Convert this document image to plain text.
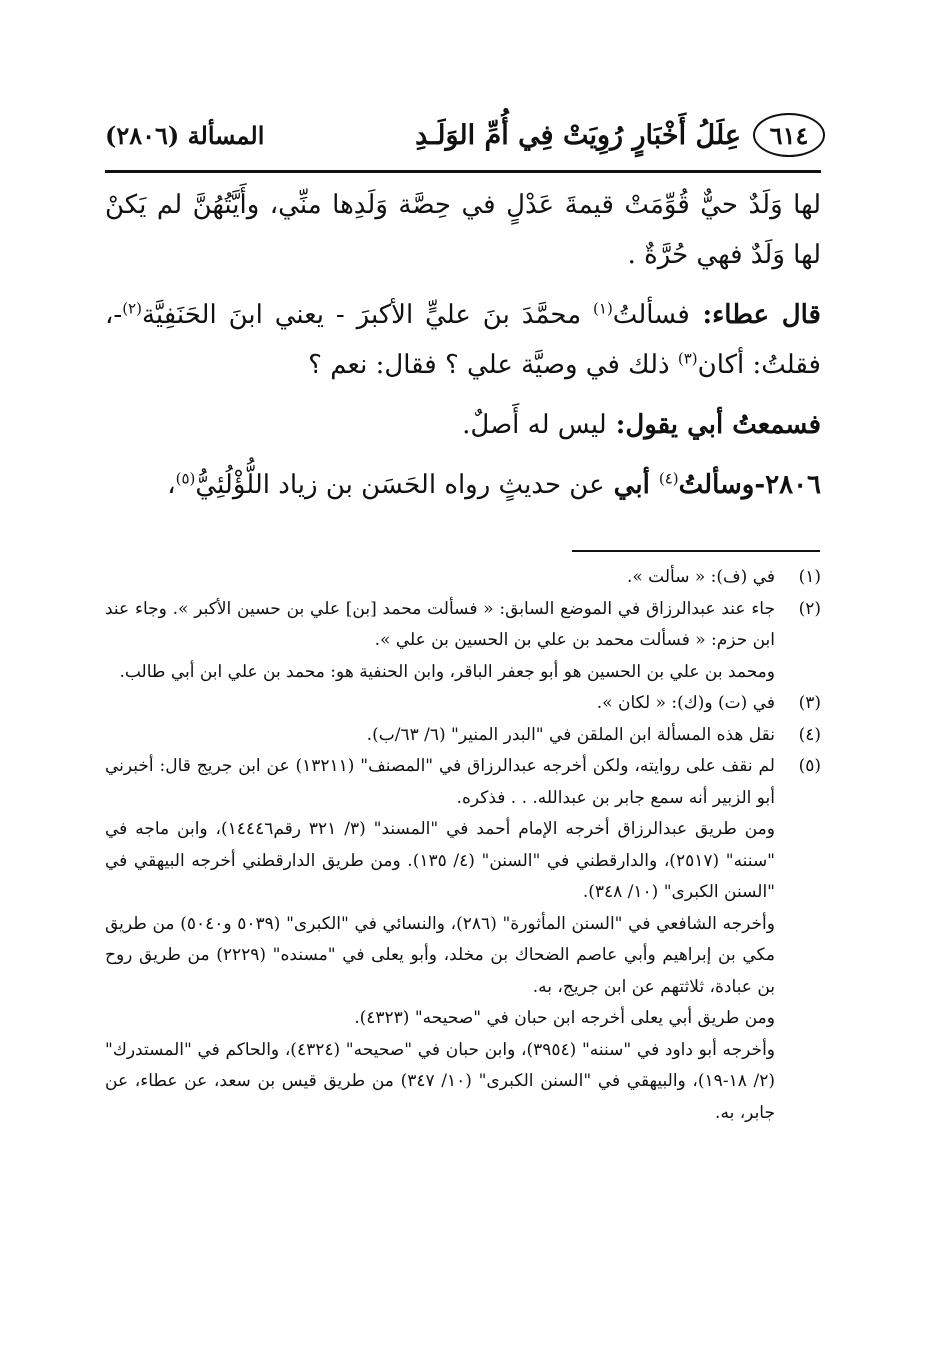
٦١٤
عِلَلُ أَخْبَارٍ رُوِيَتْ فِي أُمِّ الوَلَـدِ
المسألة (٢٨٠٦)

لها وَلَدٌ حيٌّ قُوِّمَتْ قيمةَ عَدْلٍ في حِصَّة وَلَدِها منِّي، وأَيَّتُهُنَّ لم يَكنْ لها وَلَدٌ فهي حُرَّةٌ .

قال عطاء: فسألتُ$^{(١)}$ محمَّدَ بنَ عليٍّ الأكبرَ - يعني ابنَ الحَنَفِيَّة$^{(٢)}$-، فقلتُ: أكان$^{(٣)}$ ذلك في وصيَّة علي ؟ فقال: نعم ؟

فسمعتُ أبي يقول: ليس له أَصلٌ.

٢٨٠٦-وسألتُ$^{(٤)}$ أبي عن حديثٍ رواه الحَسَن بن زياد اللُّؤْلُئِيُّ$^{(٥)}$،

(١)
في (ف): « سألت ».
(٢)
جاء عند عبدالرزاق في الموضع السابق: « فسألت محمد [بن] علي بن حسين الأكبر ». وجاء عند ابن حزم: « فسألت محمد بن علي بن الحسين بن علي ».
ومحمد بن علي بن الحسين هو أبو جعفر الباقر، وابن الحنفية هو: محمد بن علي ابن أبي طالب.
(٣)
في (ت) و(ك): « لكان ».
(٤)
نقل هذه المسألة ابن الملقن في "البدر المنير" (٦/ ٦٣/ب).
(٥)
لم نقف على روايته، ولكن أخرجه عبدالرزاق في "المصنف" (١٣٢١١) عن ابن جريج قال: أخبرني أبو الزبير أنه سمع جابر بن عبدالله. . . فذكره.
ومن طريق عبدالرزاق أخرجه الإمام أحمد في "المسند" (٣/ ٣٢١ رقم١٤٤٤٦)، وابن ماجه في "سننه" (٢٥١٧)، والدارقطني في "السنن" (٤/ ١٣٥). ومن طريق الدارقطني أخرجه البيهقي في "السنن الكبرى" (١٠/ ٣٤٨).
وأخرجه الشافعي في "السنن المأثورة" (٢٨٦)، والنسائي في "الكبرى" (٥٠٣٩ و٥٠٤٠) من طريق مكي بن إبراهيم وأبي عاصم الضحاك بن مخلد، وأبو يعلى في "مسنده" (٢٢٢٩) من طريق روح بن عبادة، ثلاثتهم عن ابن جريج، به.
ومن طريق أبي يعلى أخرجه ابن حبان في "صحيحه" (٤٣٢٣).
وأخرجه أبو داود في "سننه" (٣٩٥٤)، وابن حبان في "صحيحه" (٤٣٢٤)، والحاكم في "المستدرك" (٢/ ١٨-١٩)، والبيهقي في "السنن الكبرى" (١٠/ ٣٤٧) من طريق قيس بن سعد، عن عطاء، عن جابر، به.
